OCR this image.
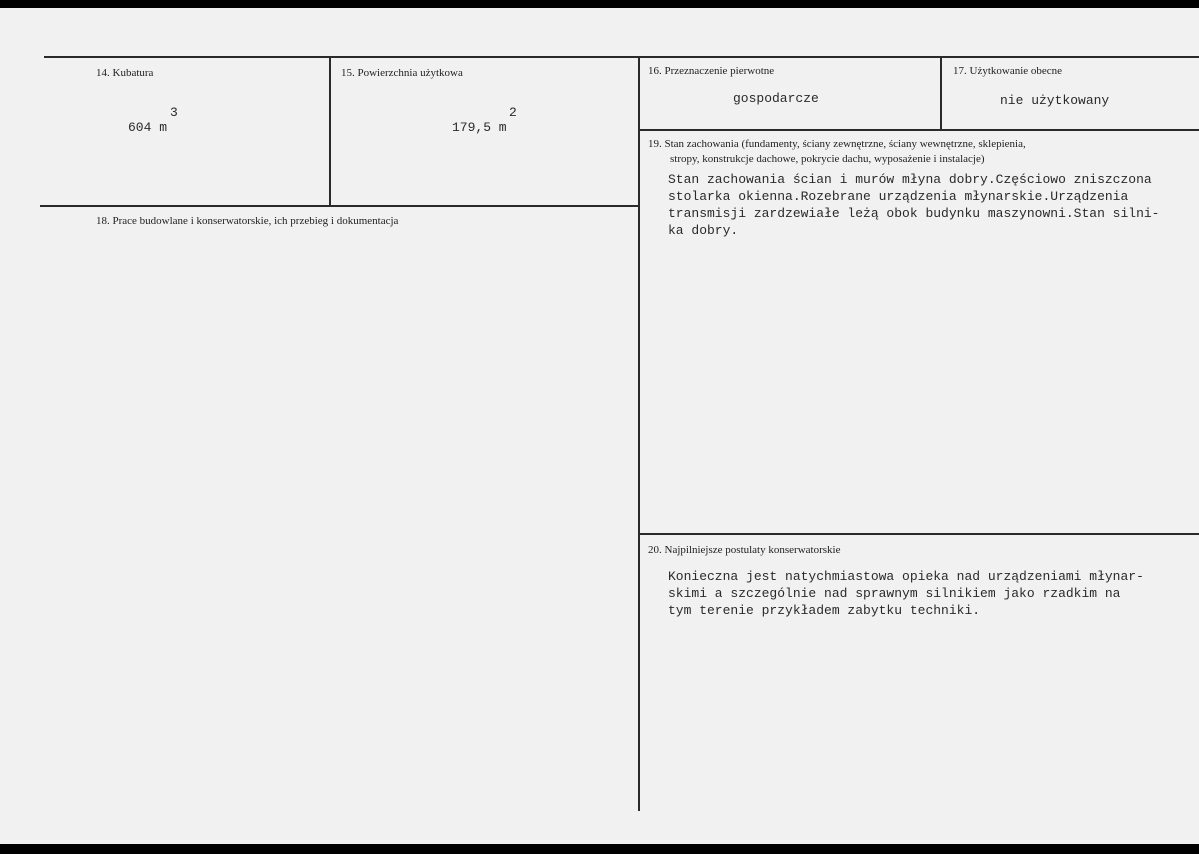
14. Kubatura
3
604 m
15. Powierzchnia użytkowa
2
179,5 m
16. Przeznaczenie pierwotne
gospodarcze
17. Użytkowanie obecne
nie użytkowany
18. Prace budowlane i konserwatorskie, ich przebieg i dokumentacja
19. Stan zachowania (fundamenty, ściany zewnętrzne, ściany wewnętrzne, sklepienia,
stropy, konstrukcje dachowe, pokrycie dachu, wyposażenie i instalacje)
Stan zachowania ścian i murów młyna dobry.Częściowo zniszczona
stolarka okienna.Rozebrane urządzenia młynarskie.Urządzenia
transmisji zardzewiałe leżą obok budynku maszynowni.Stan silni-
ka dobry.
20. Najpilniejsze postulaty konserwatorskie
Konieczna jest natychmiastowa opieka nad urządzeniami młynar-
skimi a szczególnie nad sprawnym silnikiem jako rzadkim na
tym terenie przykładem zabytku techniki.
